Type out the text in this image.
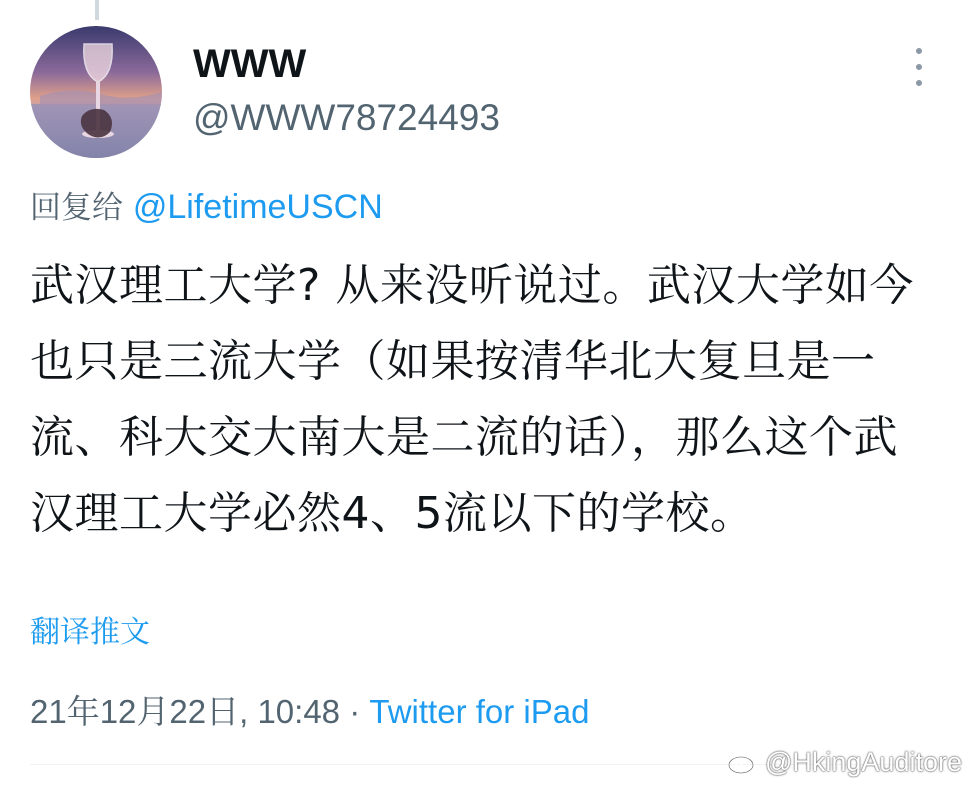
WWW
@WWW78724493
回复给 @LifetimeUSCN
武汉理工大学? 从来没听说过。武汉大学如今也只是三流大学（如果按清华北大复旦是一流、科大交大南大是二流的话），那么这个武汉理工大学必然4、5流以下的学校。
翻译推文
21年12月22日, 10:48 · Twitter for iPad
@HkingAuditore
